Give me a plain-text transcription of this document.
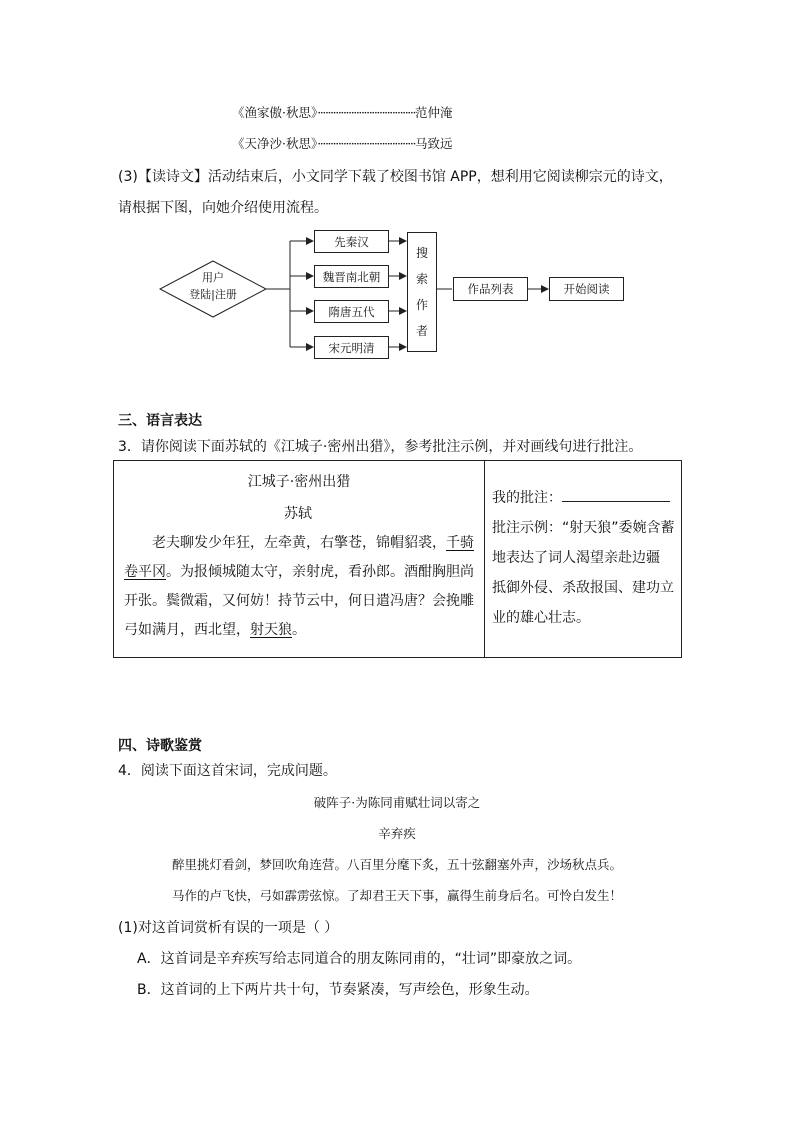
《渔家傲·秋思》······································范仲淹
《天净沙·秋思》······································马致远
(3)【读诗文】活动结束后，小文同学下载了校图书馆 APP，想利用它阅读柳宗元的诗文，
请根据下图，向她介绍使用流程。
用户
登陆|注册
先秦汉
魏晋南北朝
隋唐五代
宋元明清
搜
索
作
者
作品列表	开始阅读
三、语言表达
3．请你阅读下面苏轼的《江城子·密州出猎》，参考批注示例，并对画线句进行批注。
江城子·密州出猎
苏轼
老夫聊发少年狂，左牵黄，右擎苍，锦帽貂裘，千骑
卷平冈。为报倾城随太守，亲射虎，看孙郎。酒酣胸胆尚
开张。鬓微霜，又何妨！持节云中，何日遣冯唐？会挽雕
弓如满月，西北望，射天狼。

我的批注：
批注示例：“射天狼”委婉含蓄
地表达了词人渴望亲赴边疆
抵御外侵、杀敌报国、建功立
业的雄心壮志。
四、诗歌鉴赏
4．阅读下面这首宋词，完成问题。
破阵子·为陈同甫赋壮词以寄之
辛弃疾
醉里挑灯看剑，梦回吹角连营。八百里分麾下炙，五十弦翻塞外声，沙场秋点兵。
马作的卢飞快，弓如霹雳弦惊。了却君王天下事，赢得生前身后名。可怜白发生！
(1)对这首词赏析有误的一项是（ ）
A．这首词是辛弃疾写给志同道合的朋友陈同甫的，“壮词”即豪放之词。
B．这首词的上下两片共十句，节奏紧凑，写声绘色，形象生动。
